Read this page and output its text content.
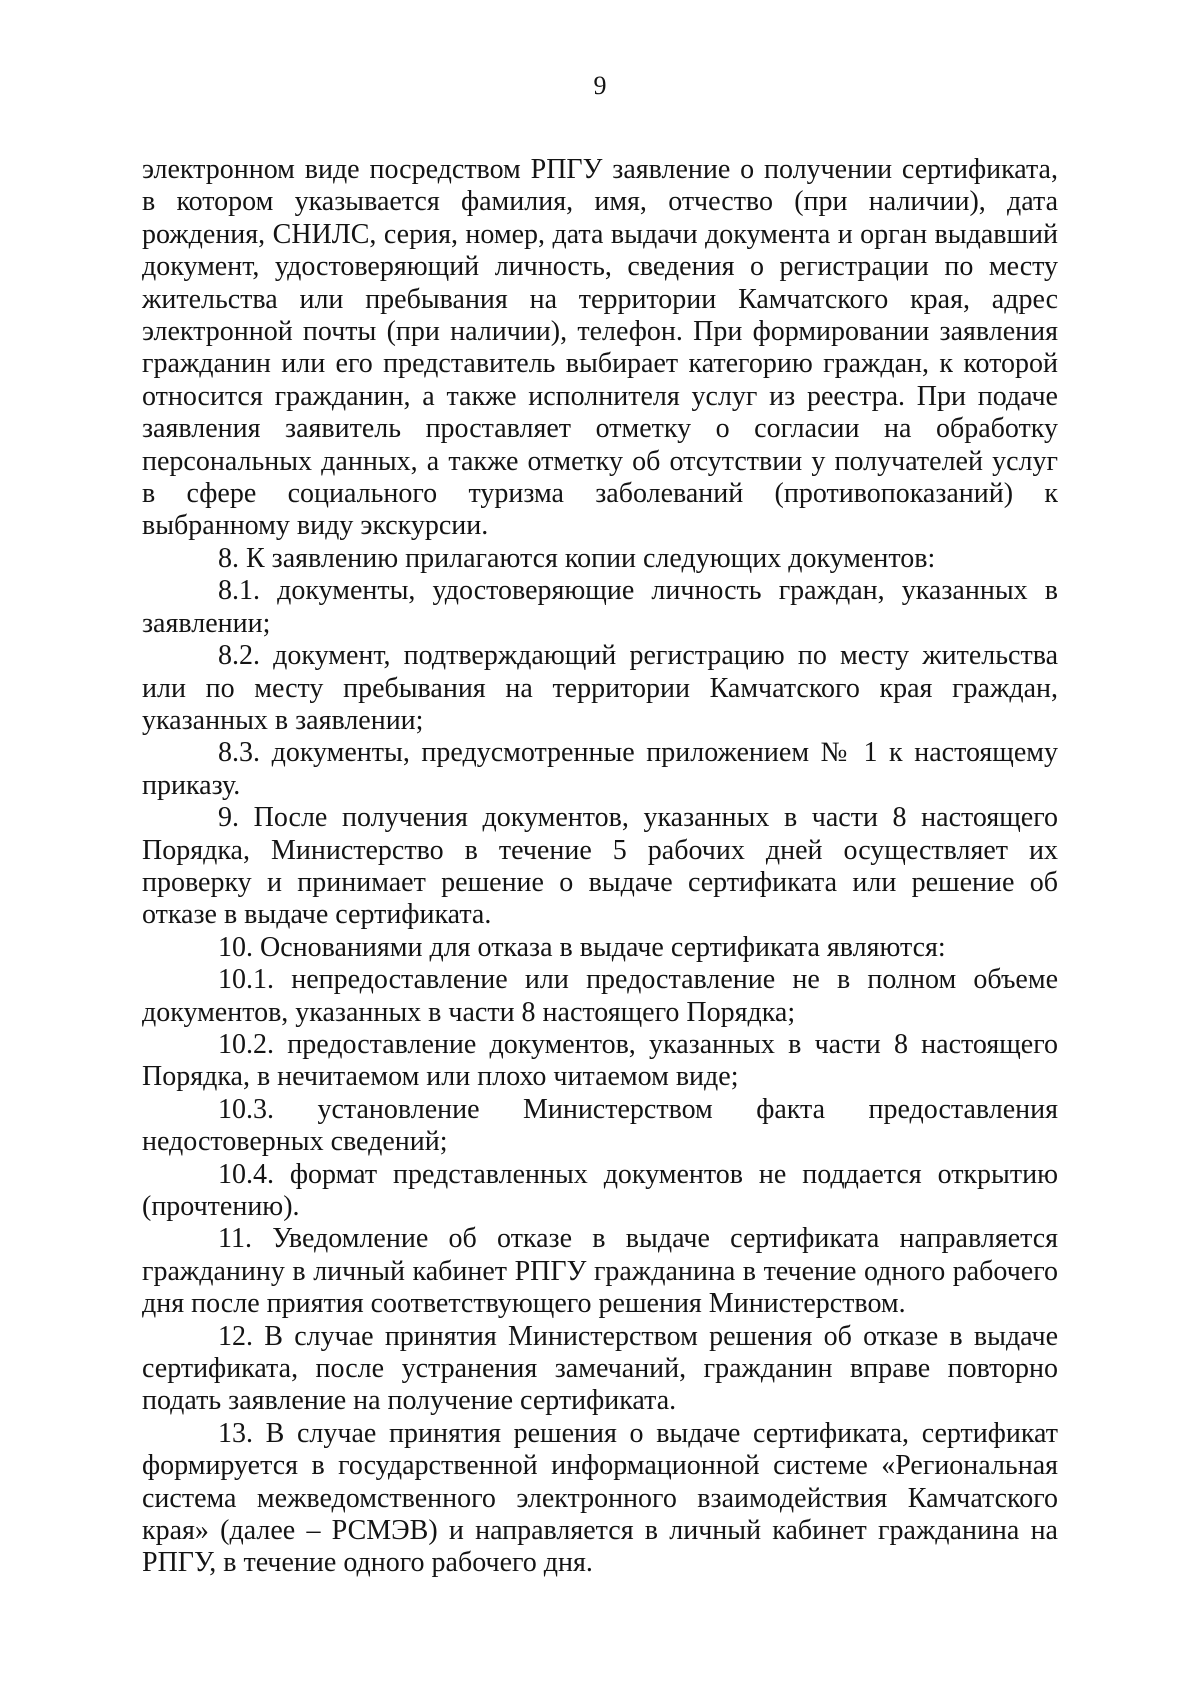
9

электронном виде посредством РПГУ заявление о получении сертификата, в котором указывается фамилия, имя, отчество (при наличии), дата рождения, СНИЛС, серия, номер, дата выдачи документа и орган выдавший документ, удостоверяющий личность, сведения о регистрации по месту жительства или пребывания на территории Камчатского края, адрес электронной почты (при наличии), телефон. При формировании заявления гражданин или его представитель выбирает категорию граждан, к которой относится гражданин, а также исполнителя услуг из реестра. При подаче заявления заявитель проставляет отметку о согласии на обработку персональных данных, а также отметку об отсутствии у получателей услуг в сфере социального туризма заболеваний (противопоказаний) к выбранному виду экскурсии.

8. К заявлению прилагаются копии следующих документов:

8.1. документы, удостоверяющие личность граждан, указанных в заявлении;

8.2. документ, подтверждающий регистрацию по месту жительства или по месту пребывания на территории Камчатского края граждан, указанных в заявлении;

8.3. документы, предусмотренные приложением № 1 к настоящему приказу.

9. После получения документов, указанных в части 8 настоящего Порядка, Министерство в течение 5 рабочих дней осуществляет их проверку и принимает решение о выдаче сертификата или решение об отказе в выдаче сертификата.

10. Основаниями для отказа в выдаче сертификата являются:

10.1. непредоставление или предоставление не в полном объеме документов, указанных в части 8 настоящего Порядка;

10.2. предоставление документов, указанных в части 8 настоящего Порядка, в нечитаемом или плохо читаемом виде;

10.3. установление Министерством факта предоставления недостоверных сведений;

10.4. формат представленных документов не поддается открытию (прочтению).

11. Уведомление об отказе в выдаче сертификата направляется гражданину в личный кабинет РПГУ гражданина в течение одного рабочего дня после приятия соответствующего решения Министерством.

12. В случае принятия Министерством решения об отказе в выдаче сертификата, после устранения замечаний, гражданин вправе повторно подать заявление на получение сертификата.

13. В случае принятия решения о выдаче сертификата, сертификат формируется в государственной информационной системе «Региональная система межведомственного электронного взаимодействия Камчатского края» (далее – РСМЭВ) и направляется в личный кабинет гражданина на РПГУ, в течение одного рабочего дня.
